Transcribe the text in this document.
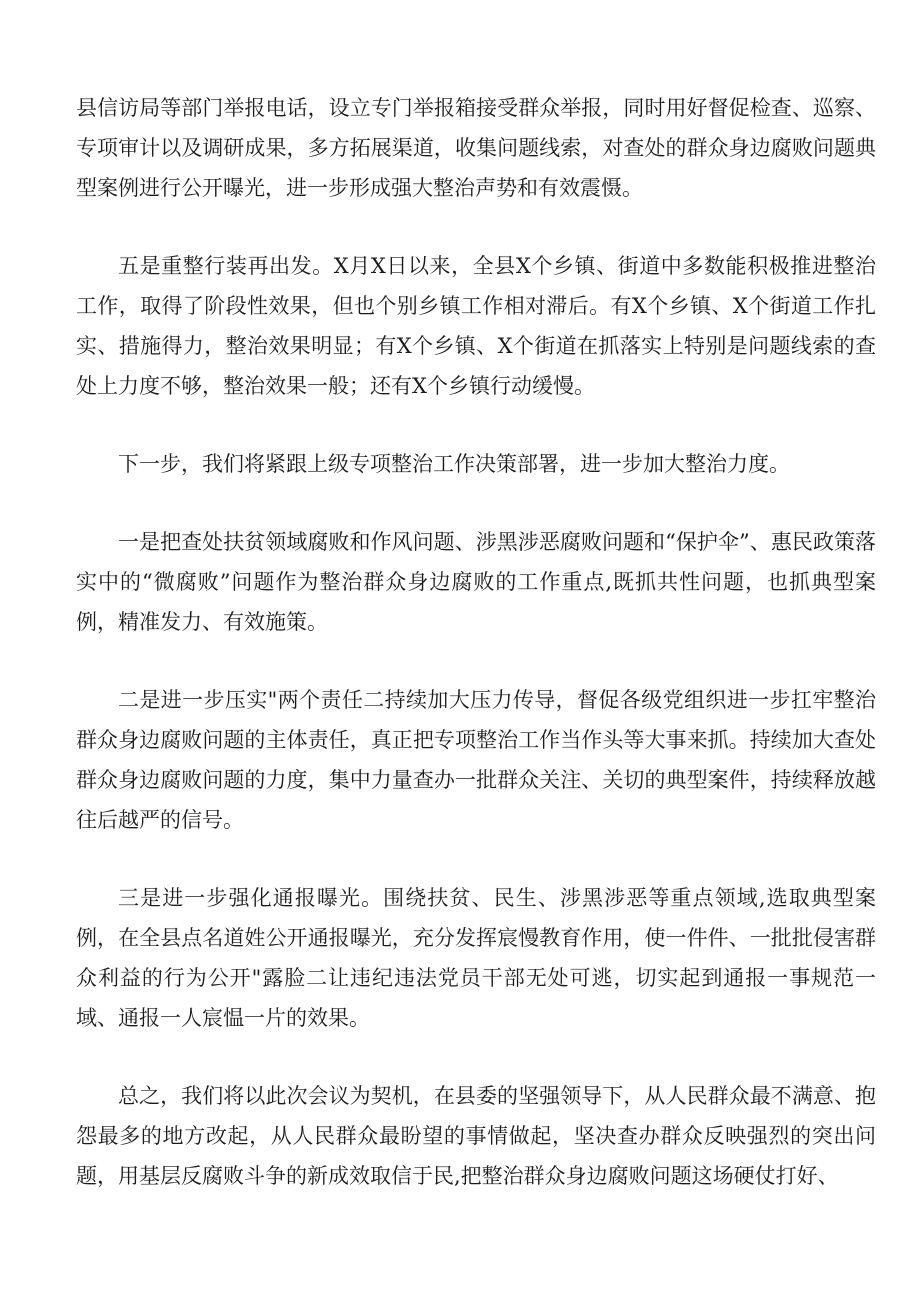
县信访局等部门举报电话，设立专门举报箱接受群众举报，同时用好督促检查、巡察、专项审计以及调研成果，多方拓展渠道，收集问题线索，对查处的群众身边腐败问题典型案例进行公开曝光，进一步形成强大整治声势和有效震慑。

五是重整行装再出发。X月X日以来，全县X个乡镇、街道中多数能积极推进整治工作，取得了阶段性效果，但也个别乡镇工作相对滞后。有X个乡镇、X个街道工作扎实、措施得力，整治效果明显；有X个乡镇、X个街道在抓落实上特别是问题线索的查处上力度不够，整治效果一般；还有X个乡镇行动缓慢。

下一步，我们将紧跟上级专项整治工作决策部署，进一步加大整治力度。

一是把查处扶贫领域腐败和作风问题、涉黑涉恶腐败问题和“保护伞”、惠民政策落实中的“微腐败”问题作为整治群众身边腐败的工作重点,既抓共性问题，也抓典型案例，精准发力、有效施策。

二是进一步压实"两个责任二持续加大压力传导，督促各级党组织进一步扛牢整治群众身边腐败问题的主体责任，真正把专项整治工作当作头等大事来抓。持续加大查处群众身边腐败问题的力度，集中力量查办一批群众关注、关切的典型案件，持续释放越往后越严的信号。

三是进一步强化通报曝光。围绕扶贫、民生、涉黑涉恶等重点领域,选取典型案例，在全县点名道姓公开通报曝光，充分发挥宸慢教育作用，使一件件、一批批侵害群众利益的行为公开"露脸二让违纪违法党员干部无处可逃，切实起到通报一事规范一域、通报一人宸愠一片的效果。

总之，我们将以此次会议为契机，在县委的坚强领导下，从人民群众最不满意、抱怨最多的地方改起，从人民群众最盼望的事情做起，坚决查办群众反映强烈的突出问题，用基层反腐败斗争的新成效取信于民,把整治群众身边腐败问题这场硬仗打好、
